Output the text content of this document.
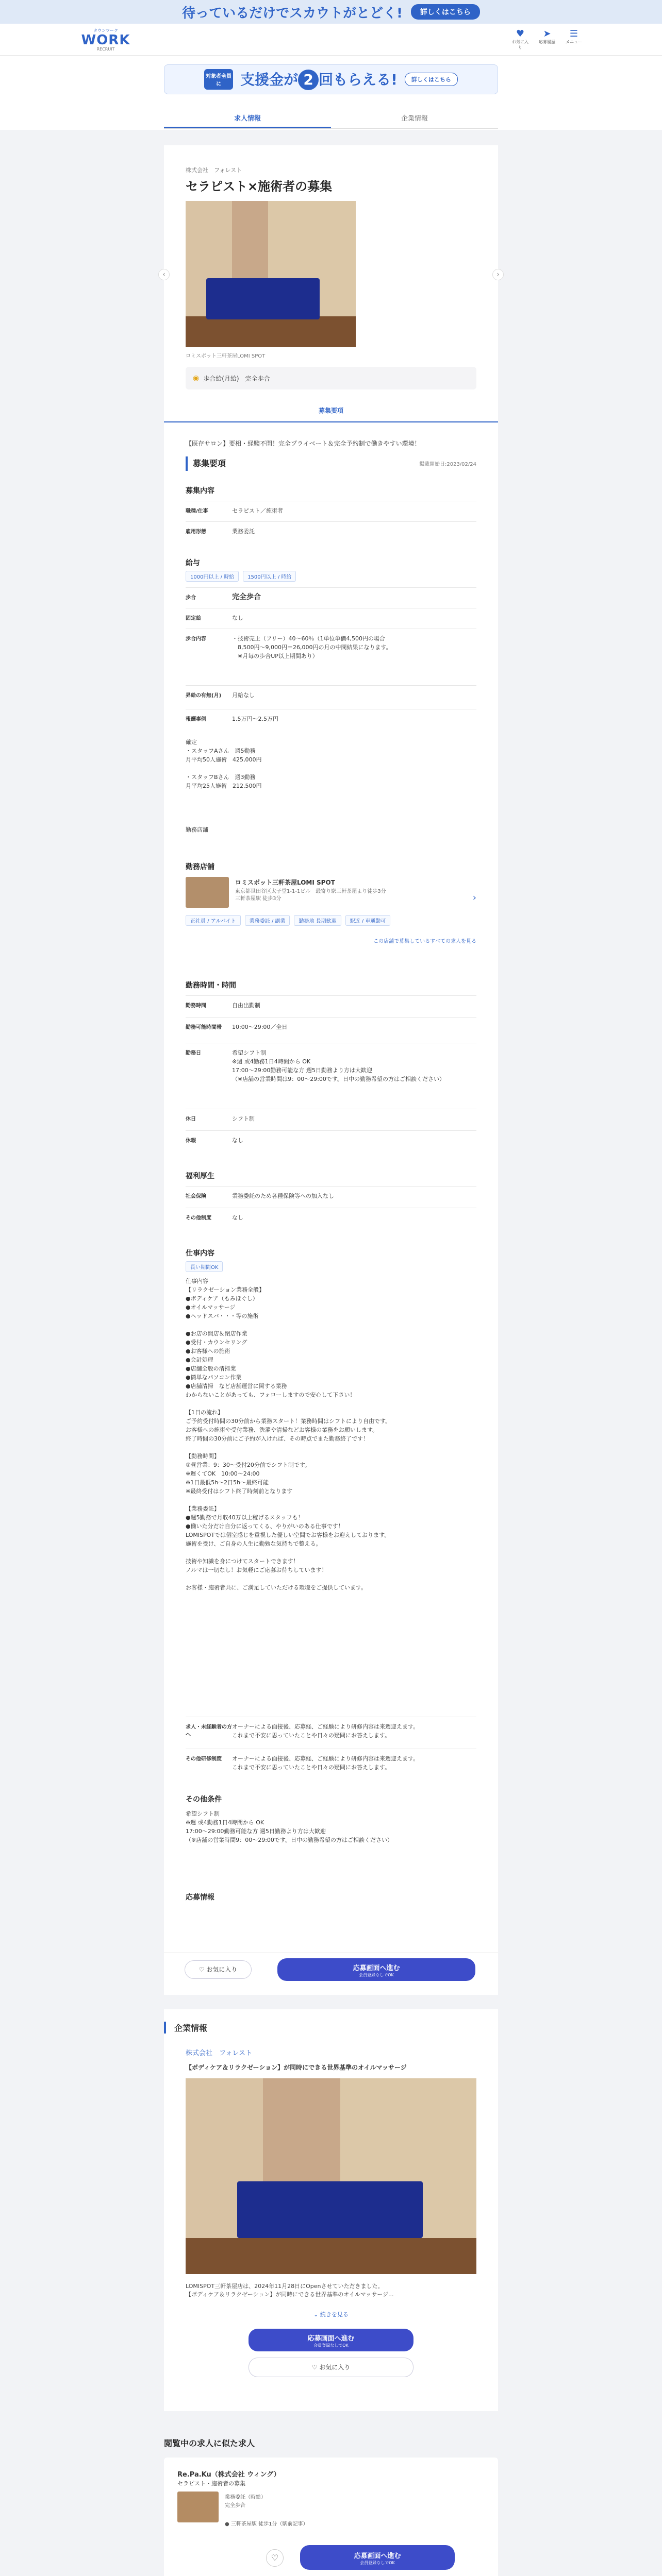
待っているだけでスカウトがとどく!	詳しくはこちら
タウンワーク
WORK
RECRUIT
♥
お気に入り
➤
応募履歴
☰
メニュー
対象者全員に	支援金が 2 回もらえる!	詳しくはこちら
求人情報	企業情報
株式会社　フォレスト
セラピスト×施術者の募集
‹	›
ロミスポット三軒茶屋LOMI SPOT
◉ 歩合給(月給)　完全歩合
募集要項
【既存サロン】要相・経験不問！完全プライベート＆完全予約制で働きやすい環境！
募集要項	掲載開始日:2023/02/24
募集内容
職種/仕事	セラピスト／施術者
雇用形態	業務委託
給与
1000円以上 / 時給	1500円以上 / 時給
歩合	完全歩合
固定給	なし
歩合内容	・技術売上（フリー）40〜60％（1単位単価4,500円の場合
　8,500円〜9,000円＝26,000円の月の中間結果になります。
　※月毎の歩合UP以上期間あり）
昇給の有無(月)	月給なし
報酬事例	1.5万円〜2.5万円
確定
・スタッフAさん　週5勤務
月平均50人施術　425,000円

・スタッフBさん　週3勤務
月平均25人施術　212,500円
勤務店舗
勤務店舗
ロミスポット三軒茶屋LOMI SPOT
東京都世田谷区太子堂1-1-1ビル　最寄り駅三軒茶屋より徒歩3分
三軒茶屋駅 徒歩3分	›
正社員 / アルバイト	業務委託 / 副業	勤務地 長期歓迎	駅近 / 車通勤可
この店舗で募集しているすべての求人を見る
勤務時間・時間
勤務時間	自由出勤制
勤務可能時間帯	10:00〜29:00／全日
勤務日	希望シフト制
※週 或4勤務1日4時間から OK
17:00〜29:00勤務可能な方 週5日勤務より方は大歓迎
（※店舗の営業時間は9：00〜29:00です。日中の勤務希望の方はご相談ください）
休日	シフト制
休暇	なし
福利厚生
社会保険	業務委託のため各種保険等への加入なし
その他制度	なし
仕事内容
長い期間OK
仕事内容
【リラクゼーション業務全般】
●ボディケア（もみほぐし）
●オイルマッサージ
●ヘッドスパ・・・等の施術

●お店の開店＆閉店作業
●受付・カウンセリング
●お客様への施術
●会計処理
●店舗全般の清掃業
●簡単なパソコン作業
●店舗清掃　など店舗運営に関する業務
わからないことがあっても、フォローしますので安心して下さい！

【1日の流れ】
ご予約受付時間の30分前から業務スタート！業務時間はシフトにより自由です。
お客様への施術や受付業務、洗濯や清掃などお客様の業務をお願いします。
終了時間の30分前にご予約が入ければ、その時点でまた勤務終了です！

【勤務時間】
①昼営業：9：30〜受付20分前でシフト制です。
※遅くてOK　10:00〜24:00
※1日最低5h〜2日5h〜最終可能
※最終受付はシフト終了時刻前となります

【業務委託】
●週5勤務で月収40万以上稼げるスタッフも！
●働いた分だけ自分に返ってくる、やりがいのある仕事です！
LOMISPOTでは個室感じを重視した優しい空間でお客様をお迎えしております。
施術を受け、ご自身の人生に勤勉な気持ちで整える。

技術や知識を身につけてスタートできます！
ノルマは一切なし！お気軽にご応募お待ちしています！

お客様・施術者共に、ご満足していただける環境をご提供しています。
求人・未経験者の方へ
オーナーによる面接後、応募経、ご経験により研修内容は来週迎えます。
これまで不安に思っていたことや日々の疑問にお答えします。
その他研修制度	オーナーによる面接後、応募経、ご経験により研修内容は来週迎えます。
これまで不安に思っていたことや日々の疑問にお答えします。
その他条件
希望シフト制
※週 或4勤務1日4時間から OK
17:00〜29:00勤務可能な方 週5日勤務より方は大歓迎
（※店舗の営業時間9：00〜29:00です。日中の勤務希望の方はご相談ください）
応募情報
♡ お気に入り	応募画面へ進む
会員登録なしでOK
企業情報
株式会社　フォレスト
【ボディケア＆リラクゼーション】が同時にできる世界基準のオイルマッサージ
LOMISPOT三軒茶屋店は、2024年11月28日にOpenさせていただきました。
【ボディケア＆リラクゼーション】が同時にできる世界基準のオイルマッサージ...
⌄ 続きを見る
応募画面へ進む
会員登録なしでOK
♡ お気に入り
閲覧中の求人に似た求人
Re.Pa.Ku（株式会社 ウィング）
セラピスト・施術者の募集
業務委託（時給）
完全歩合
● 三軒茶屋駅 徒歩1分（駅前記事）
♡	応募画面へ進む
会員登録なしでOK
